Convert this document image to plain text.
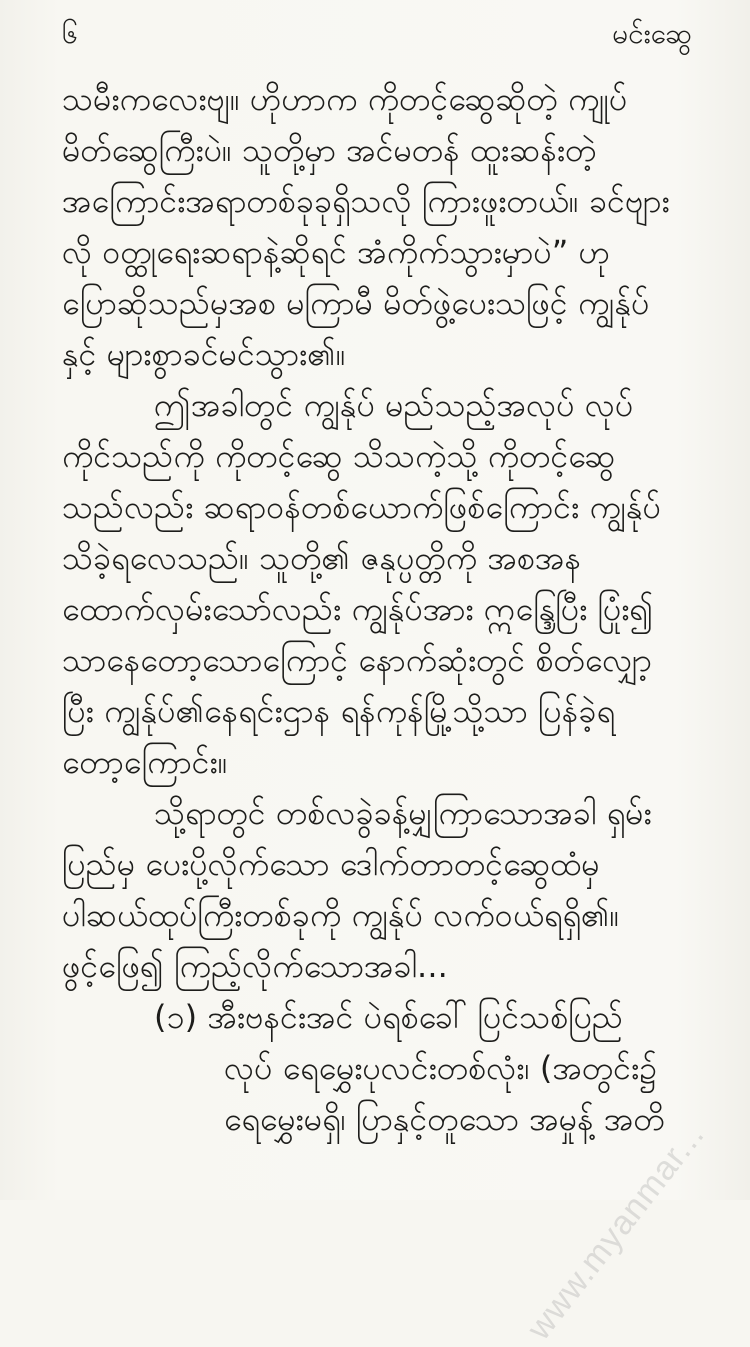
၆	မင်းဆွေ
သမီးကလေးဗျ။ ဟိုဟာက ကိုတင့်ဆွေဆိုတဲ့ ကျုပ်
မိတ်ဆွေကြီးပဲ။ သူတို့မှာ အင်မတန် ထူးဆန်းတဲ့
အကြောင်းအရာတစ်ခုခုရှိသလို ကြားဖူးတယ်။ ခင်ဗျား
လို ဝတ္ထုရေးဆရာနဲ့ဆိုရင် အံကိုက်သွားမှာပဲ” ဟု
ပြောဆိုသည်မှအစ မကြာမီ မိတ်ဖွဲ့ပေးသဖြင့် ကျွန်ုပ်
နှင့် များစွာခင်မင်သွား၏။
ဤအခါတွင် ကျွန်ုပ် မည်သည့်အလုပ် လုပ်
ကိုင်သည်ကို ကိုတင့်ဆွေ သိသကဲ့သို့ ကိုတင့်ဆွေ
သည်လည်း ဆရာဝန်တစ်ယောက်ဖြစ်ကြောင်း ကျွန်ုပ်
သိခဲ့ရလေသည်။ သူတို့၏ ဇနုပ္ပတ္တိကို အစအန
ထောက်လှမ်းသော်လည်း ကျွန်ုပ်အား ဣန္ဒြေပြီး ပြုံး၍
သာနေတော့သောကြောင့် နောက်ဆုံးတွင် စိတ်လျှော့
ပြီး ကျွန်ုပ်၏နေရင်းဌာန ရန်ကုန်မြို့သို့သာ ပြန်ခဲ့ရ
တော့ကြောင်း။
သို့ရာတွင် တစ်လခွဲခန့်မျှကြာသောအခါ ရှမ်း
ပြည်မှ ပေးပို့လိုက်သော ဒေါက်တာတင့်ဆွေထံမှ
ပါဆယ်ထုပ်ကြီးတစ်ခုကို ကျွန်ုပ် လက်ဝယ်ရရှိ၏။
ဖွင့်ဖြေ၍ ကြည့်လိုက်သောအခါ...
(၁) အီးဗနင်းအင် ပဲရစ်ခေါ် ပြင်သစ်ပြည်
လုပ် ရေမွှေးပုလင်းတစ်လုံး၊ (အတွင်း၌
ရေမွှေးမရှိ၊ ပြာနှင့်တူသော အမှုန့် အတိ
www.myanmar...
